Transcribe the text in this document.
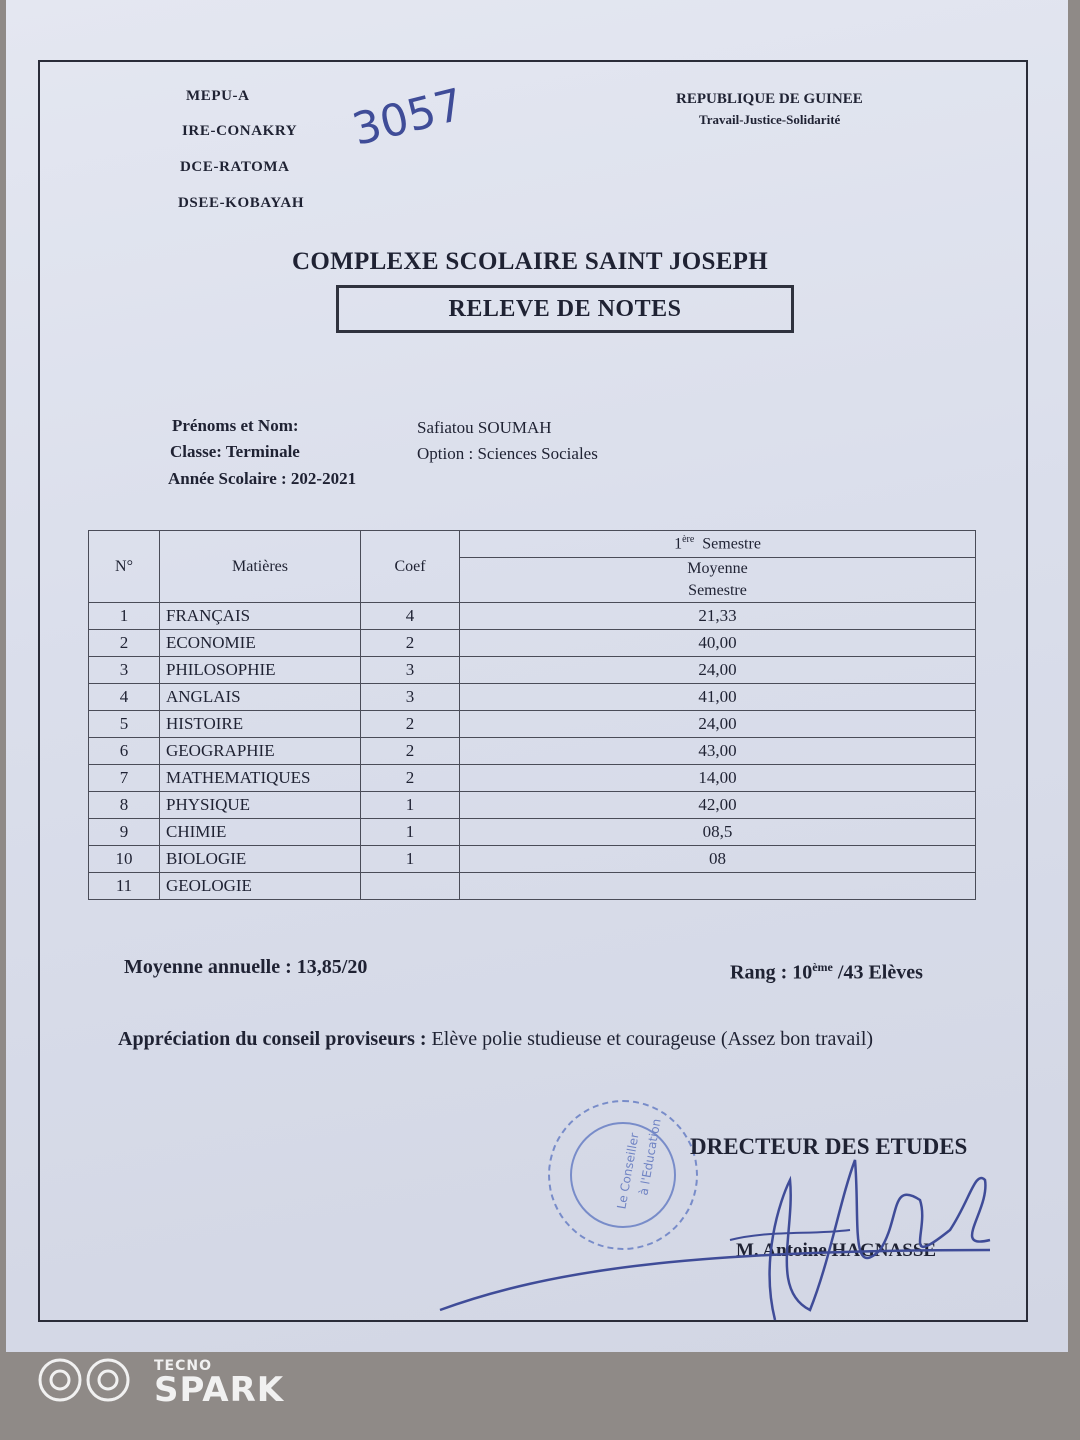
MEPU-A
IRE-CONAKRY
DCE-RATOMA
DSEE-KOBAYAH
3057	REPUBLIQUE DE GUINEE
Travail-Justice-Solidarité
COMPLEXE SCOLAIRE SAINT JOSEPH
RELEVE DE NOTES
Prénoms et Nom:	Safiatou SOUMAH
Classe: Terminale	Option : Sciences Sociales
Année Scolaire : 202-2021
N°	Matières	Coef	1ère Semestre
			Moyenne
Semestre
1	FRANÇAIS	4	21,33
2	ECONOMIE	2	40,00
3	PHILOSOPHIE	3	24,00
4	ANGLAIS	3	41,00
5	HISTOIRE	2	24,00
6	GEOGRAPHIE	2	43,00
7	MATHEMATIQUES	2	14,00
8	PHYSIQUE	1	42,00
9	CHIMIE	1	08,5
10	BIOLOGIE	1	08
11	GEOLOGIE		
Moyenne annuelle : 13,85/20	Rang : 10ème /43 Elèves
Appréciation du conseil proviseurs : Elève polie studieuse et courageuse (Assez bon travail)
Le Conseiller
à l'Education DRECTEUR DES ETUDES
M. Antoine HAGNASSE
TECNO
SPARK
